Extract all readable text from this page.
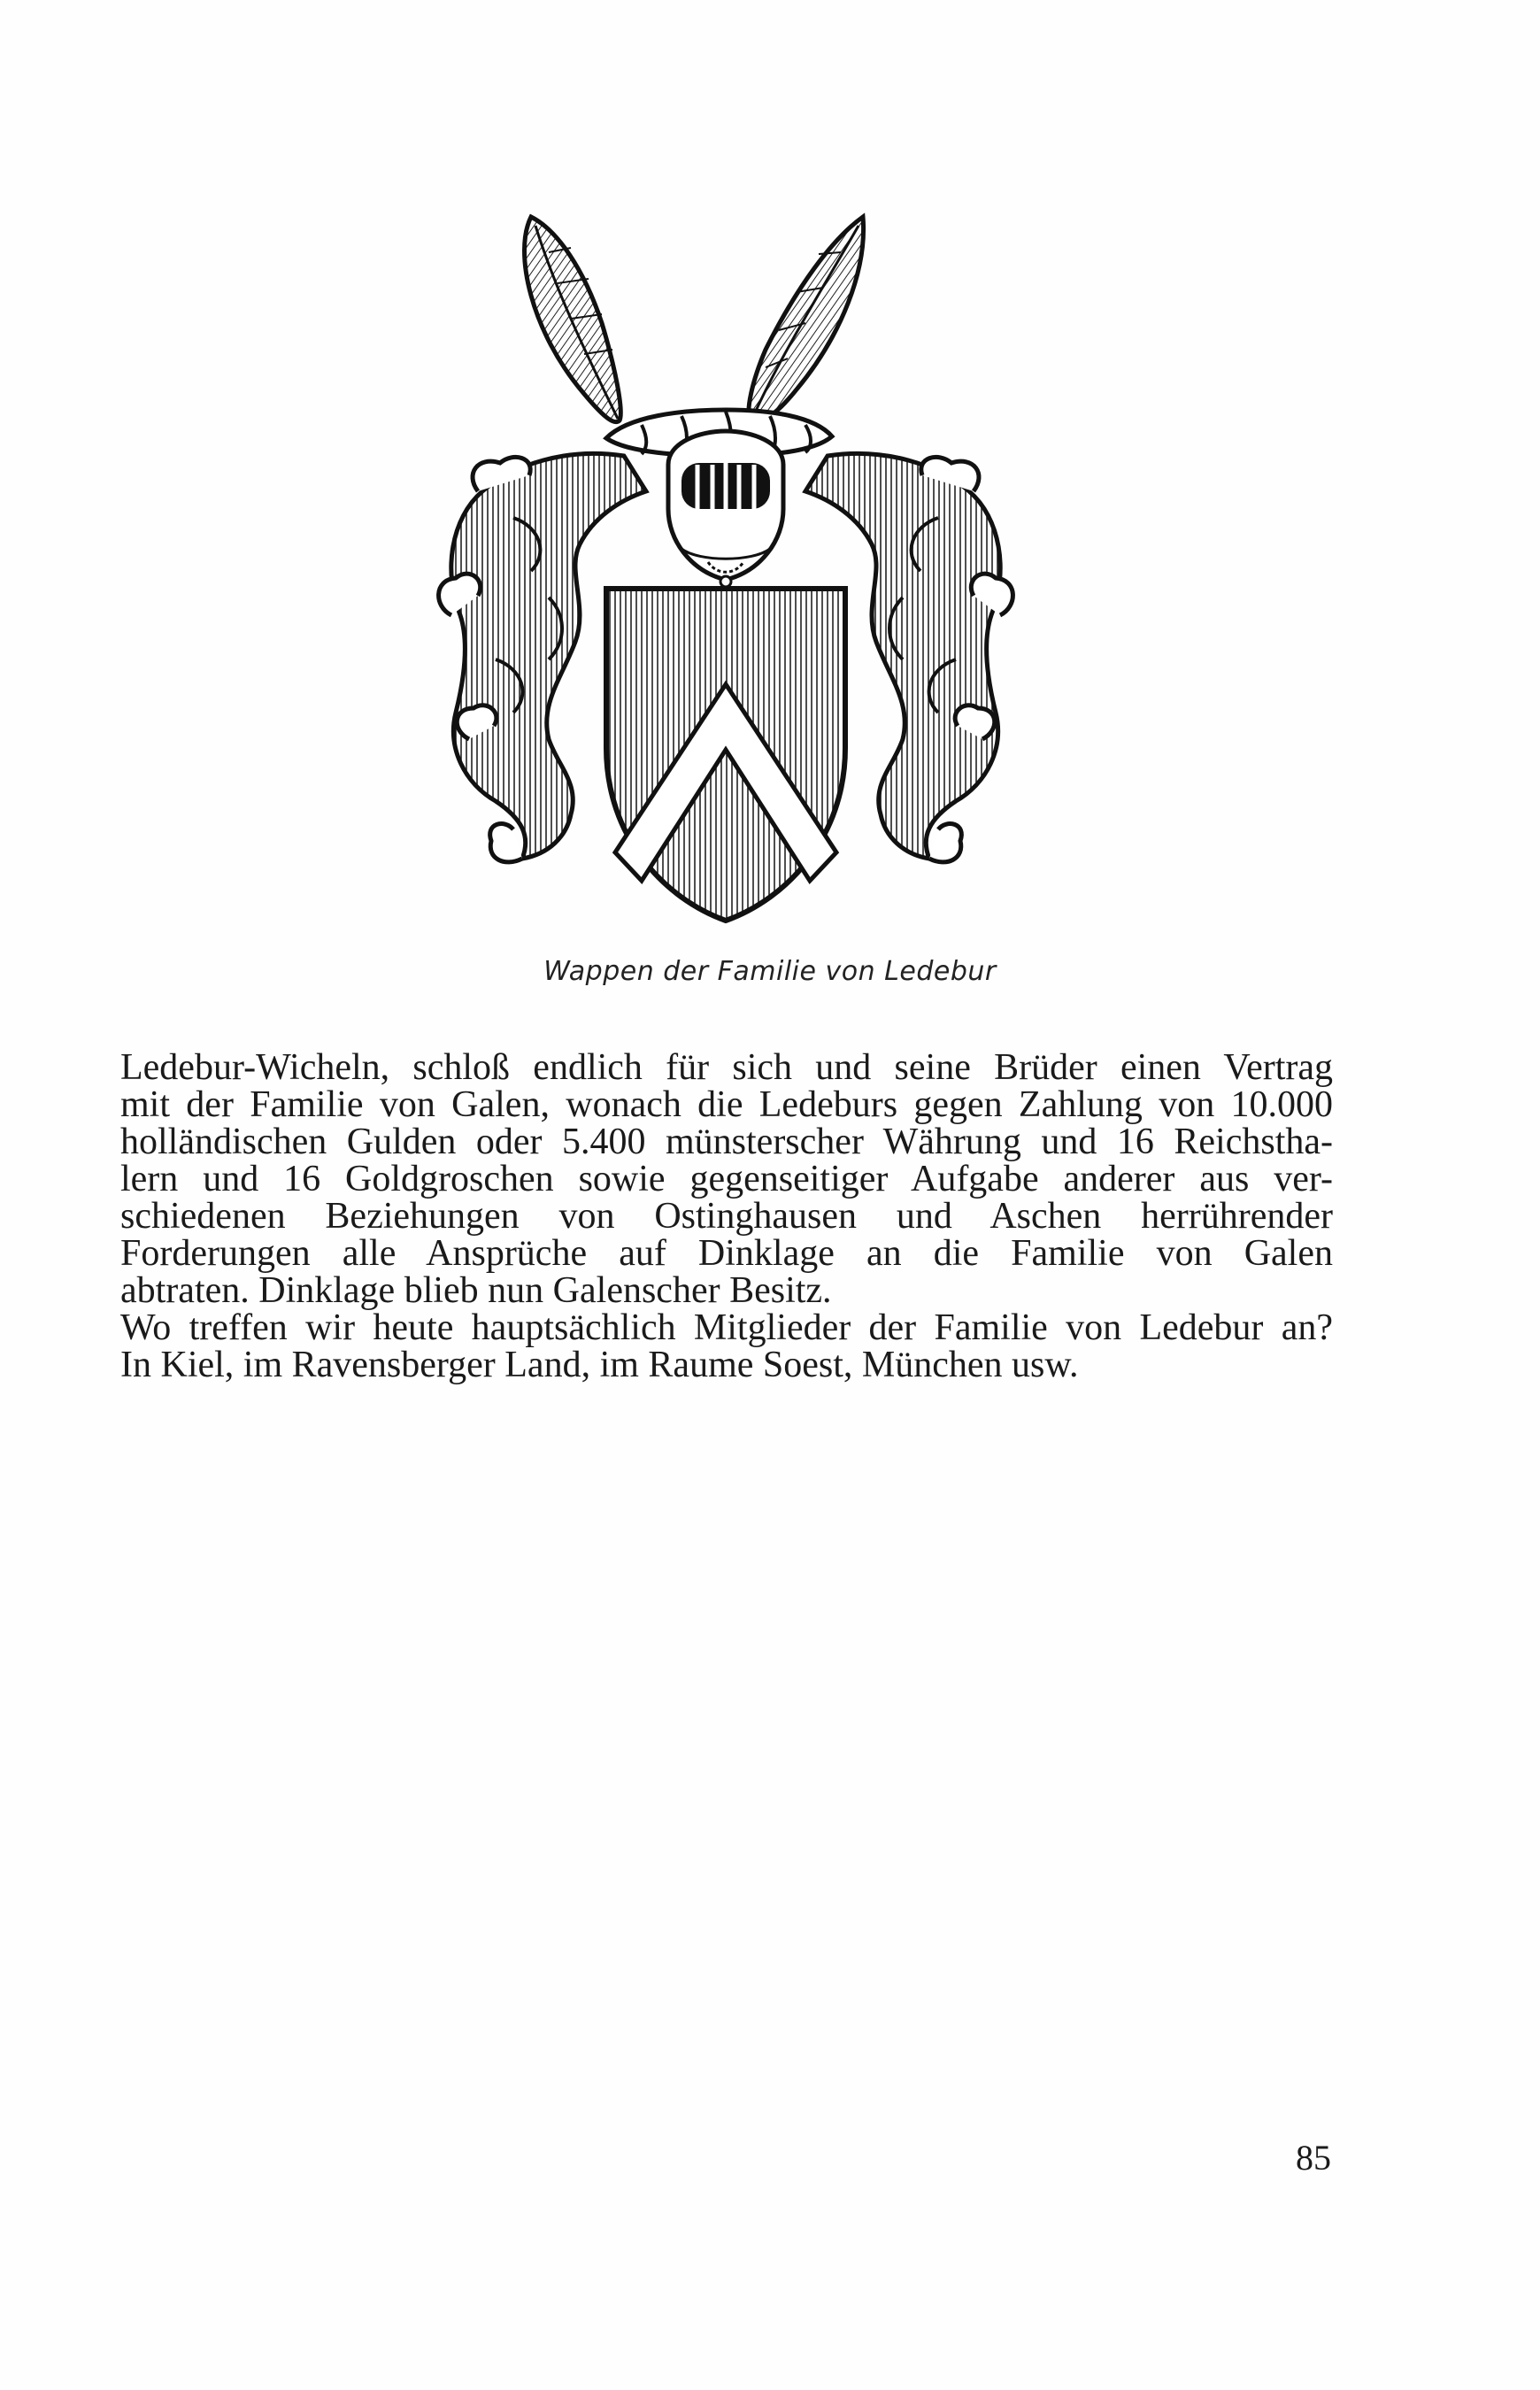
Wappen der Familie von Ledebur
Ledebur-Wicheln, schloß endlich für sich und seine Brüder einen Vertrag
mit der Familie von Galen, wonach die Ledeburs gegen Zahlung von 10.000
holländischen Gulden oder 5.400 münsterscher Währung und 16 Reichstha-
lern und 16 Goldgroschen sowie gegenseitiger Aufgabe anderer aus ver-
schiedenen Beziehungen von Ostinghausen und Aschen herrührender
Forderungen alle Ansprüche auf Dinklage an die Familie von Galen
abtraten. Dinklage blieb nun Galenscher Besitz.
Wo treffen wir heute hauptsächlich Mitglieder der Familie von Ledebur an?
In Kiel, im Ravensberger Land, im Raume Soest, München usw.
85
